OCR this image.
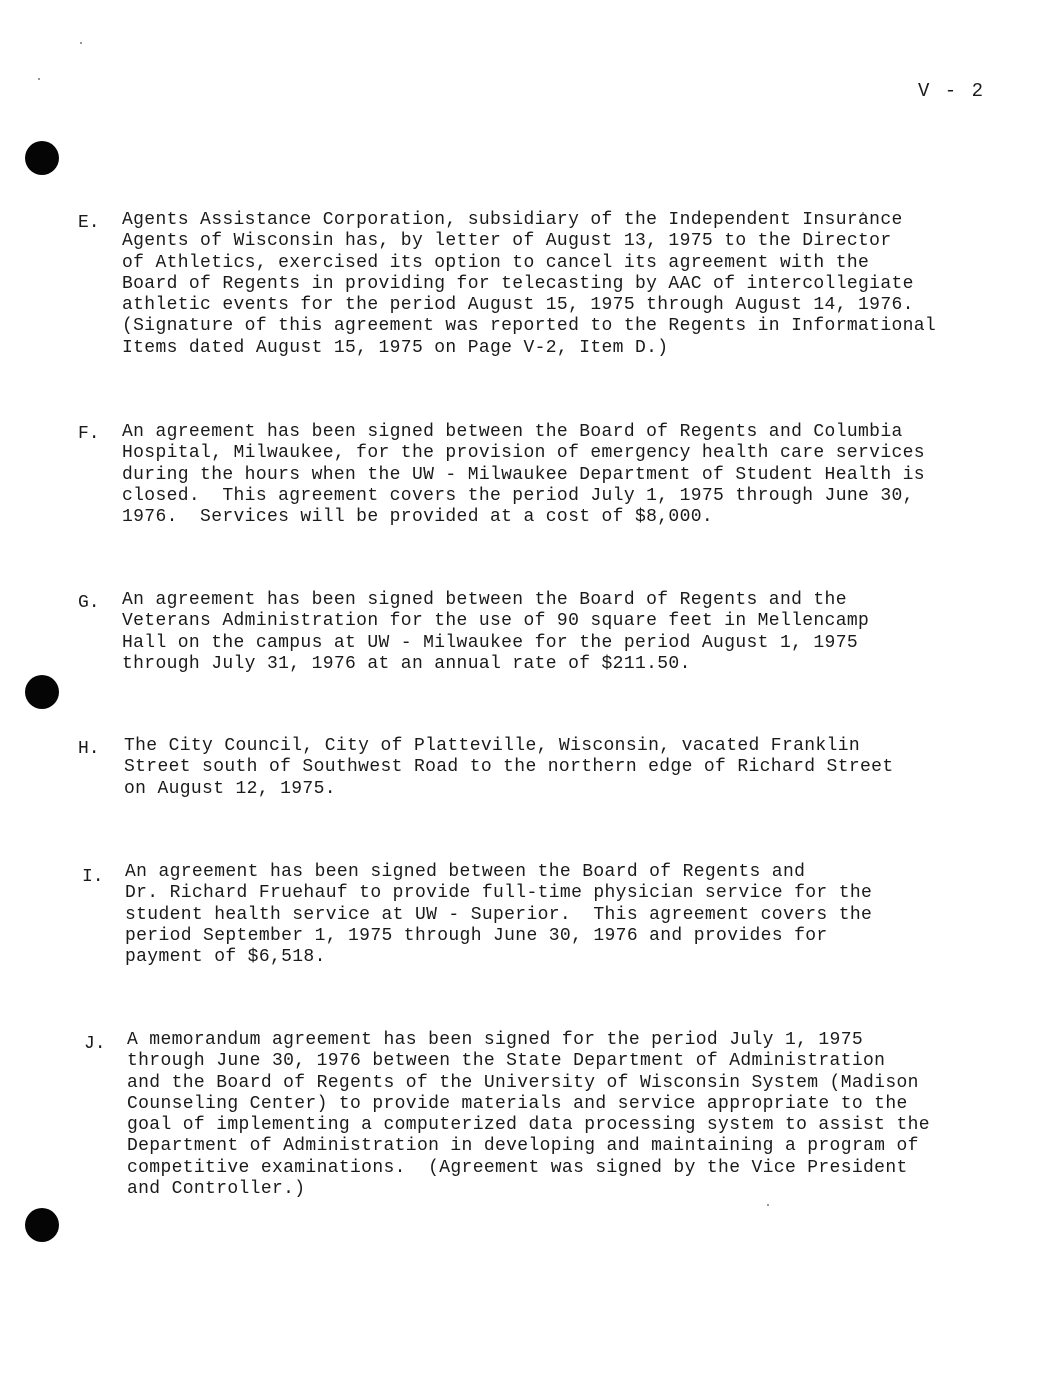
V - 2
E. Agents Assistance Corporation, subsidiary of the Independent Insurance
Agents of Wisconsin has, by letter of August 13, 1975 to the Director
of Athletics, exercised its option to cancel its agreement with the
Board of Regents in providing for telecasting by AAC of intercollegiate
athletic events for the period August 15, 1975 through August 14, 1976.
(Signature of this agreement was reported to the Regents in Informational
Items dated August 15, 1975 on Page V-2, Item D.)
F. An agreement has been signed between the Board of Regents and Columbia
Hospital, Milwaukee, for the provision of emergency health care services
during the hours when the UW - Milwaukee Department of Student Health is
closed.  This agreement covers the period July 1, 1975 through June 30,
1976.  Services will be provided at a cost of $8,000.
G. An agreement has been signed between the Board of Regents and the
Veterans Administration for the use of 90 square feet in Mellencamp
Hall on the campus at UW - Milwaukee for the period August 1, 1975
through July 31, 1976 at an annual rate of $211.50.
H. The City Council, City of Platteville, Wisconsin, vacated Franklin
Street south of Southwest Road to the northern edge of Richard Street
on August 12, 1975.
I. An agreement has been signed between the Board of Regents and
Dr. Richard Fruehauf to provide full-time physician service for the
student health service at UW - Superior.  This agreement covers the
period September 1, 1975 through June 30, 1976 and provides for
payment of $6,518.
J. A memorandum agreement has been signed for the period July 1, 1975
through June 30, 1976 between the State Department of Administration
and the Board of Regents of the University of Wisconsin System (Madison
Counseling Center) to provide materials and service appropriate to the
goal of implementing a computerized data processing system to assist the
Department of Administration in developing and maintaining a program of
competitive examinations.  (Agreement was signed by the Vice President
and Controller.)
